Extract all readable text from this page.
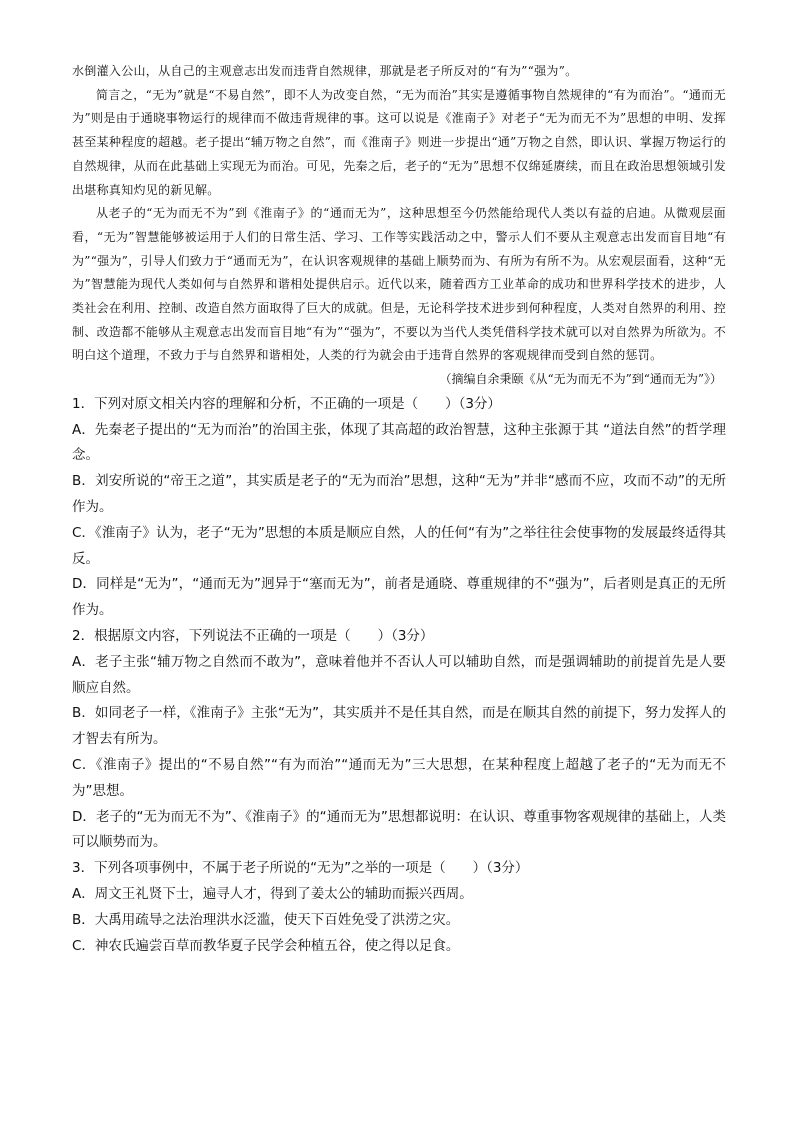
水倒灌入公山，从自己的主观意志出发而违背自然规律，那就是老子所反对的“有为”“强为”。

简言之，“无为”就是“不易自然”，即不人为改变自然，“无为而治”其实是遵循事物自然规律的“有为而治”。“通而无为”则是由于通晓事物运行的规律而不做违背规律的事。这可以说是《淮南子》对老子“无为而无不为”思想的申明、发挥甚至某种程度的超越。老子提出“辅万物之自然”，而《淮南子》则进一步提出“通”万物之自然，即认识、掌握万物运行的自然规律，从而在此基础上实现无为而治。可见，先秦之后，老子的“无为”思想不仅绵延赓续，而且在政治思想领域引发出堪称真知灼见的新见解。

从老子的“无为而无不为”到《淮南子》的“通而无为”，这种思想至今仍然能给现代人类以有益的启迪。从微观层面看，“无为”智慧能够被运用于人们的日常生活、学习、工作等实践活动之中，警示人们不要从主观意志出发而盲目地“有为”“强为”，引导人们致力于“通而无为”，在认识客观规律的基础上顺势而为、有所为有所不为。从宏观层面看，这种“无为”智慧能为现代人类如何与自然界和谐相处提供启示。近代以来，随着西方工业革命的成功和世界科学技术的进步，人类社会在利用、控制、改造自然方面取得了巨大的成就。但是，无论科学技术进步到何种程度，人类对自然界的利用、控制、改造都不能够从主观意志出发而盲目地“有为”“强为”，不要以为当代人类凭借科学技术就可以对自然界为所欲为。不明白这个道理，不致力于与自然界和谐相处，人类的行为就会由于违背自然界的客观规律而受到自然的惩罚。

（摘编自余秉颐《从“无为而无不为”到“通而无为”》）

1．下列对原文相关内容的理解和分析，不正确的一项是（　　）（3分）

A．先秦老子提出的“无为而治”的治国主张，体现了其高超的政治智慧，这种主张源于其 “道法自然”的哲学理念。

B．刘安所说的“帝王之道”，其实质是老子的“无为而治”思想，这种“无为”并非“感而不应，攻而不动”的无所作为。

C．《淮南子》认为，老子“无为”思想的本质是顺应自然，人的任何“有为”之举往往会使事物的发展最终适得其反。

D．同样是“无为”，“通而无为”迥异于“塞而无为”，前者是通晓、尊重规律的不“强为”，后者则是真正的无所作为。

2．根据原文内容，下列说法不正确的一项是（　　）（3分）

A．老子主张“辅万物之自然而不敢为”，意味着他并不否认人可以辅助自然，而是强调辅助的前提首先是人要顺应自然。

B．如同老子一样，《淮南子》主张“无为”，其实质并不是任其自然，而是在顺其自然的前提下，努力发挥人的才智去有所为。

C．《淮南子》提出的“不易自然”“有为而治”“通而无为”三大思想，在某种程度上超越了老子的“无为而无不为”思想。

D．老子的“无为而无不为”、《淮南子》的“通而无为”思想都说明：在认识、尊重事物客观规律的基础上，人类可以顺势而为。

3．下列各项事例中，不属于老子所说的“无为”之举的一项是（　　）（3分）

A．周文王礼贤下士，遍寻人才，得到了姜太公的辅助而振兴西周。

B．大禹用疏导之法治理洪水泛滥，使天下百姓免受了洪涝之灾。

C．神农氏遍尝百草而教华夏子民学会种植五谷，使之得以足食。
